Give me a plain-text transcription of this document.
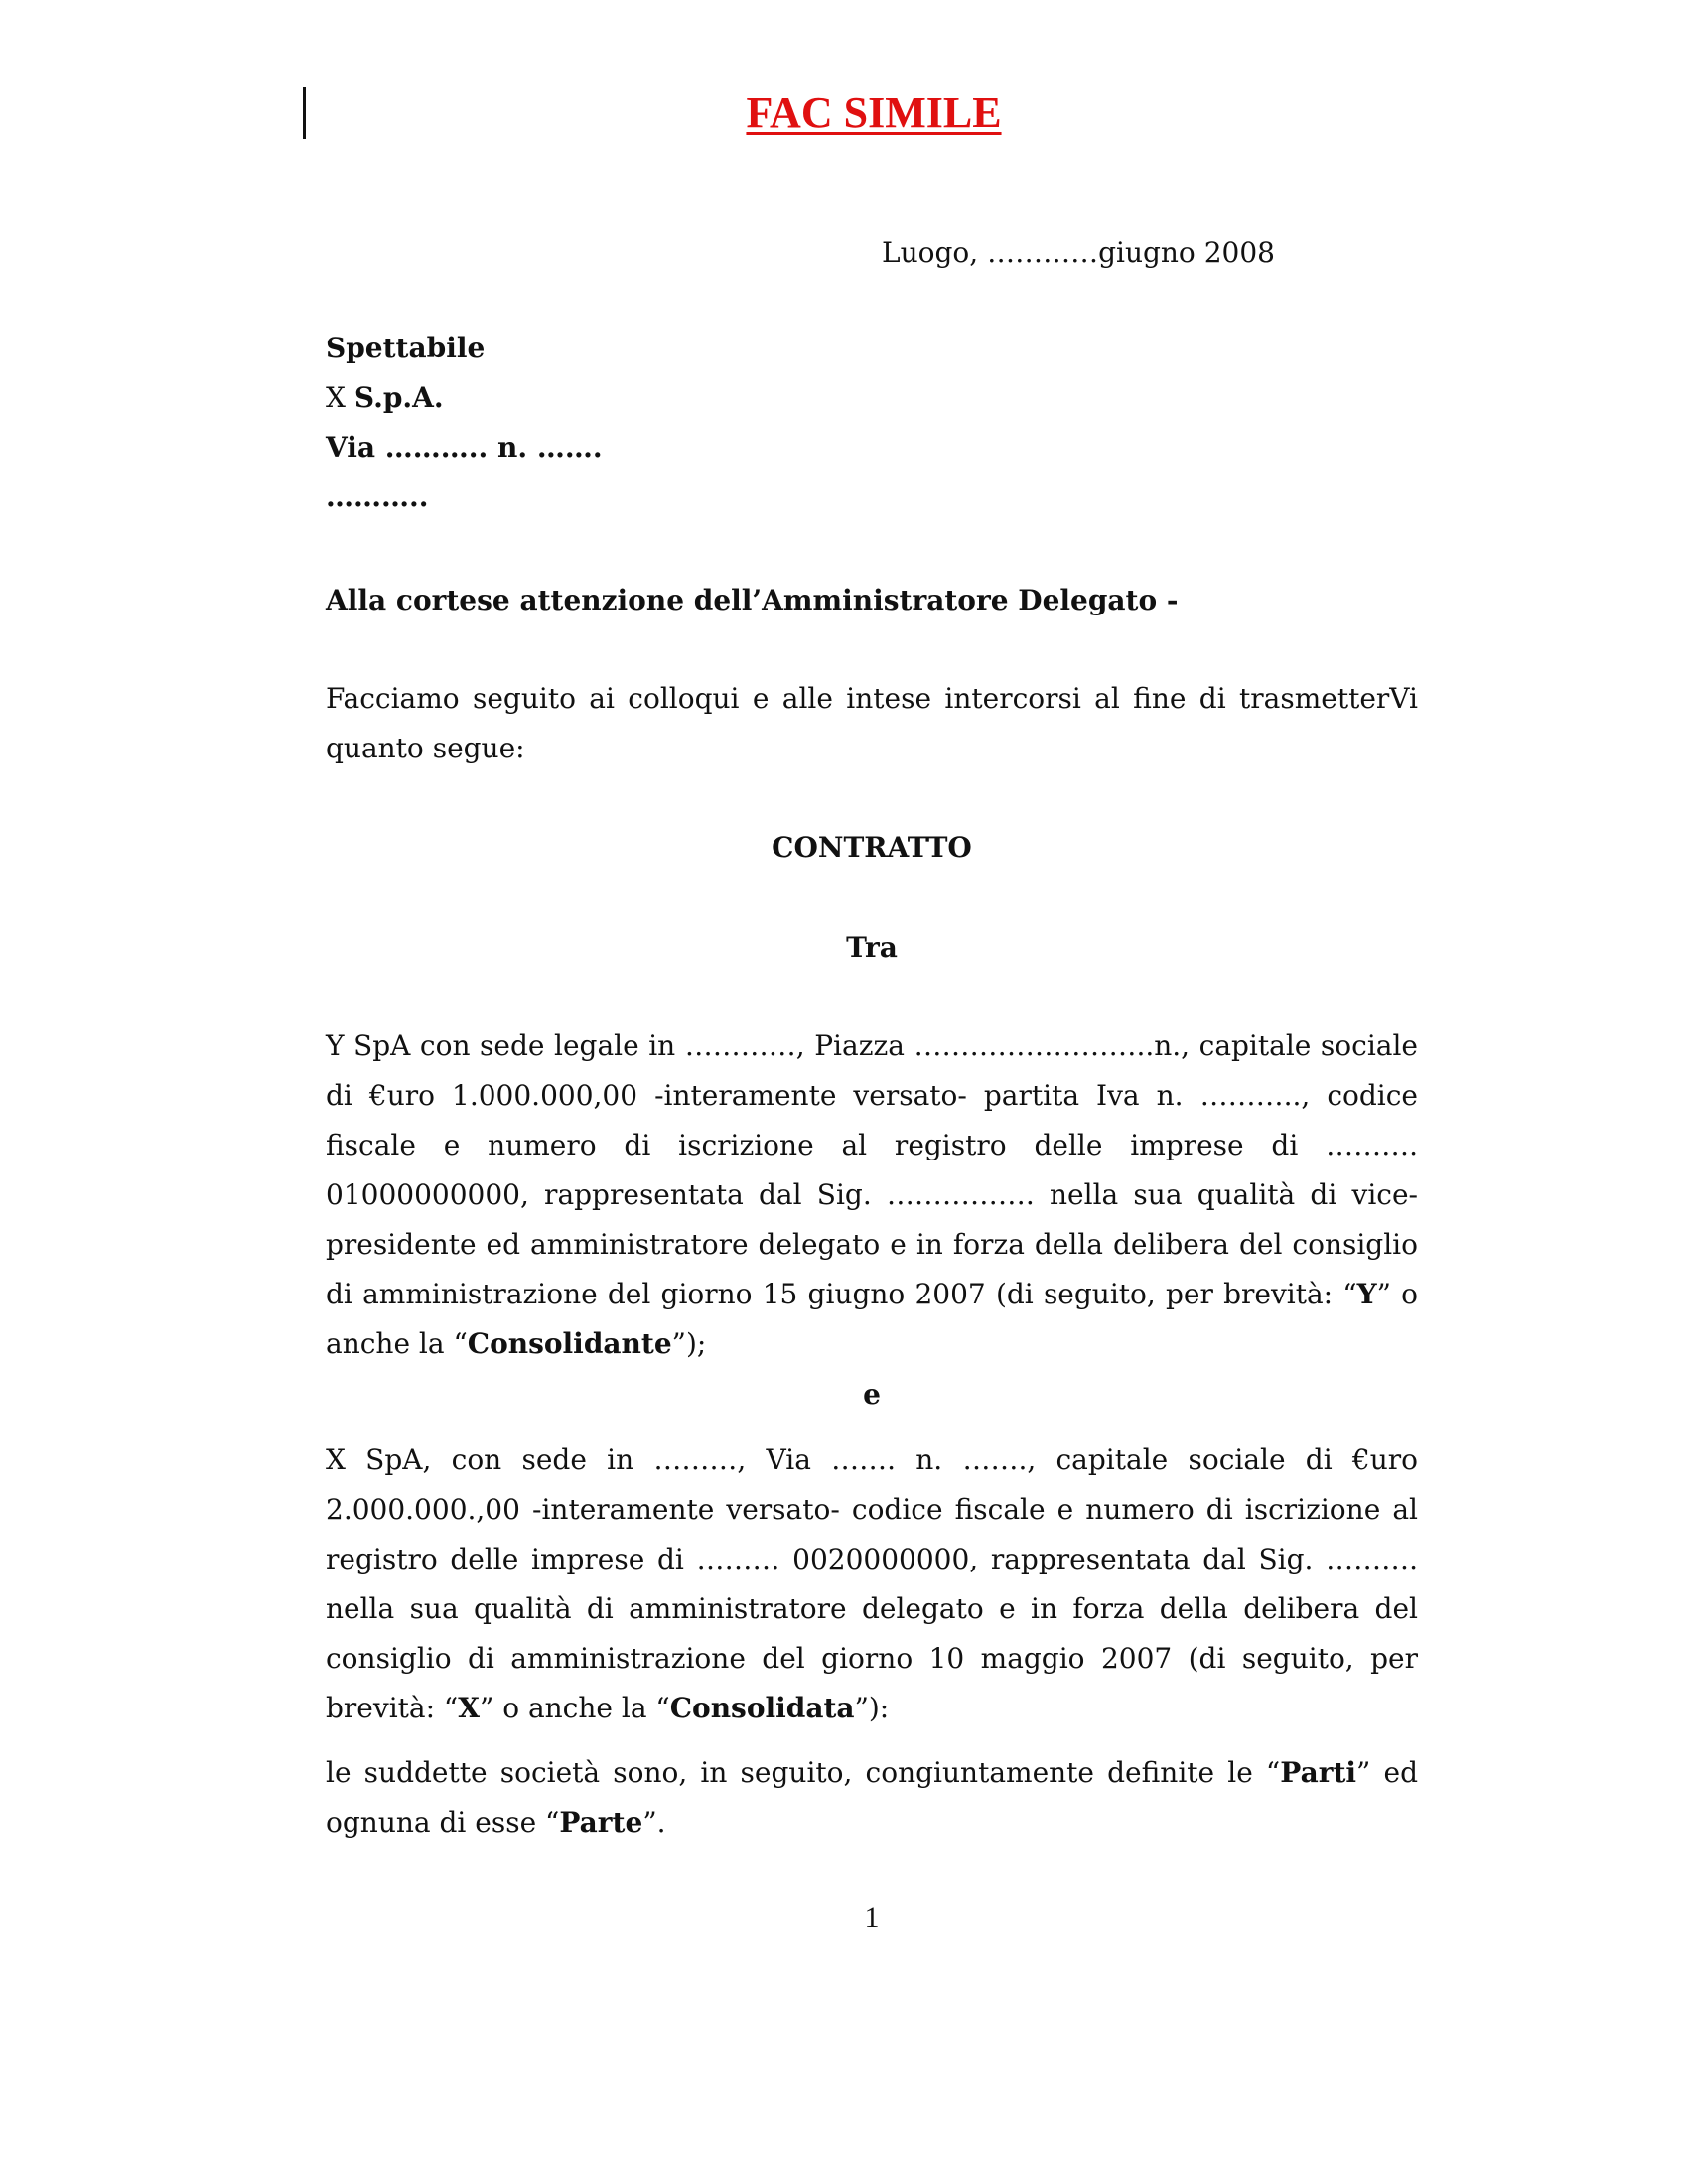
FAC SIMILE
Luogo, …………giugno 2008
Spettabile
X S.p.A.
Via ……….. n. …….
………..
Alla cortese attenzione dell’Amministratore Delegato -
Facciamo seguito ai colloqui e alle intese intercorsi al fine di trasmetterVi quanto segue:
CONTRATTO
Tra
Y SpA con sede legale in …………, Piazza ……………………..n., capitale sociale di €uro 1.000.000,00 -interamente versato- partita Iva n. ……….., codice fiscale e numero di iscrizione al registro delle imprese di ………. 01000000000, rappresentata dal Sig. ……………. nella sua qualità di vice-presidente ed amministratore delegato e in forza della delibera del consiglio di amministrazione del giorno 15 giugno 2007 (di seguito, per brevità: “Y” o anche la “Consolidante”);
e
X SpA, con sede in ………, Via ……. n. ……., capitale sociale di €uro 2.000.000.,00 -interamente versato- codice fiscale e numero di iscrizione al registro delle imprese di ……… 0020000000, rappresentata dal Sig. ………. nella sua qualità di amministratore delegato e in forza della delibera del consiglio di amministrazione del giorno 10 maggio 2007 (di seguito, per brevità: “X” o anche la “Consolidata”):
le suddette società sono, in seguito, congiuntamente definite le “Parti” ed ognuna di esse “Parte”.
1
